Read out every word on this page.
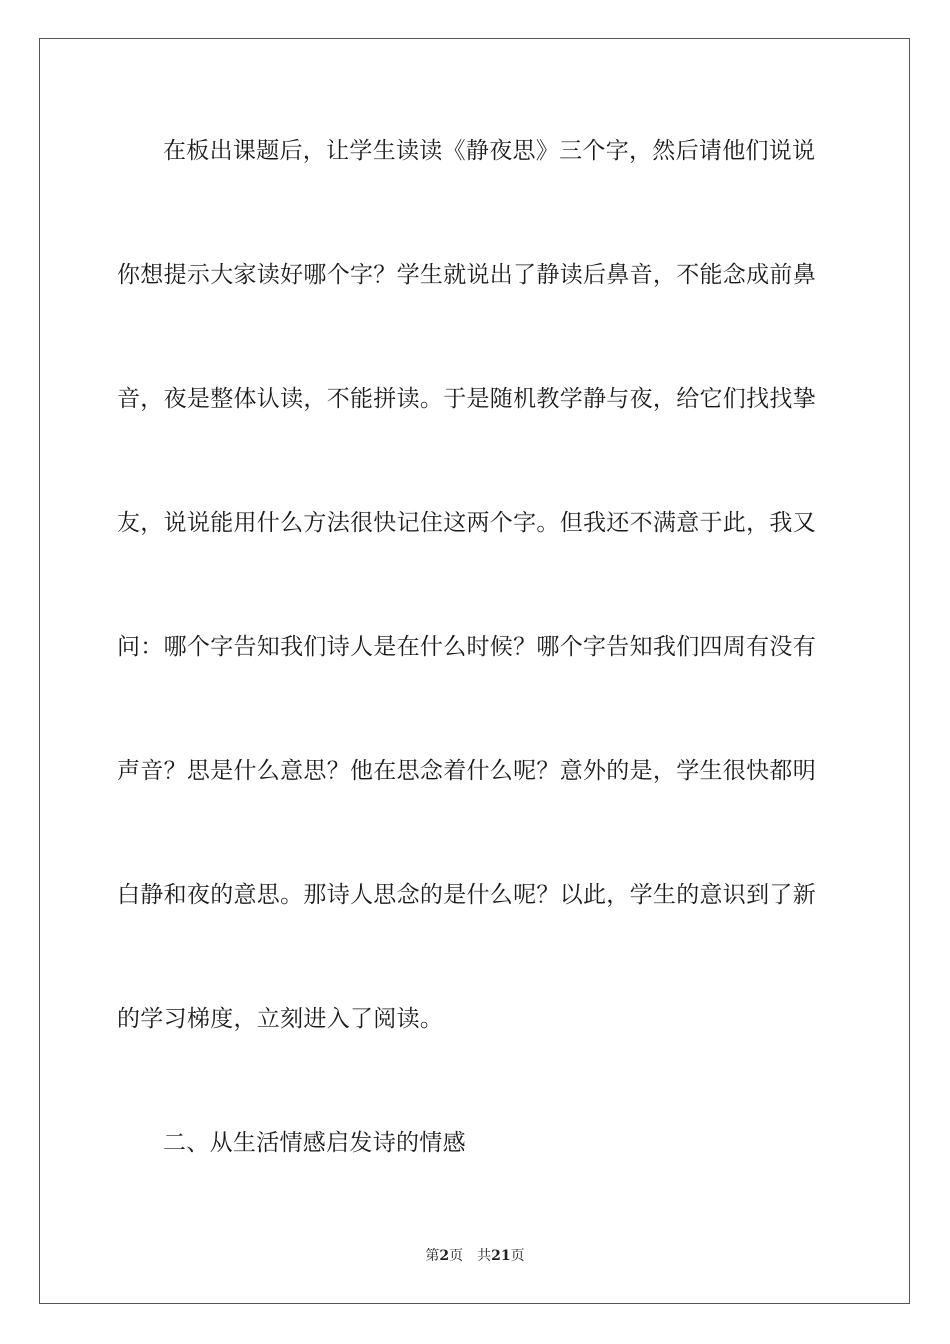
在板出课题后，让学生读读《静夜思》三个字，然后请他们说说
你想提示大家读好哪个字？学生就说出了静读后鼻音，不能念成前鼻
音，夜是整体认读，不能拼读。于是随机教学静与夜，给它们找找挚
友，说说能用什么方法很快记住这两个字。但我还不满意于此，我又
问：哪个字告知我们诗人是在什么时候？哪个字告知我们四周有没有
声音？思是什么意思？他在思念着什么呢？意外的是，学生很快都明
白静和夜的意思。那诗人思念的是什么呢？以此，学生的意识到了新
的学习梯度，立刻进入了阅读。
二、从生活情感启发诗的情感
第2页 共21页
